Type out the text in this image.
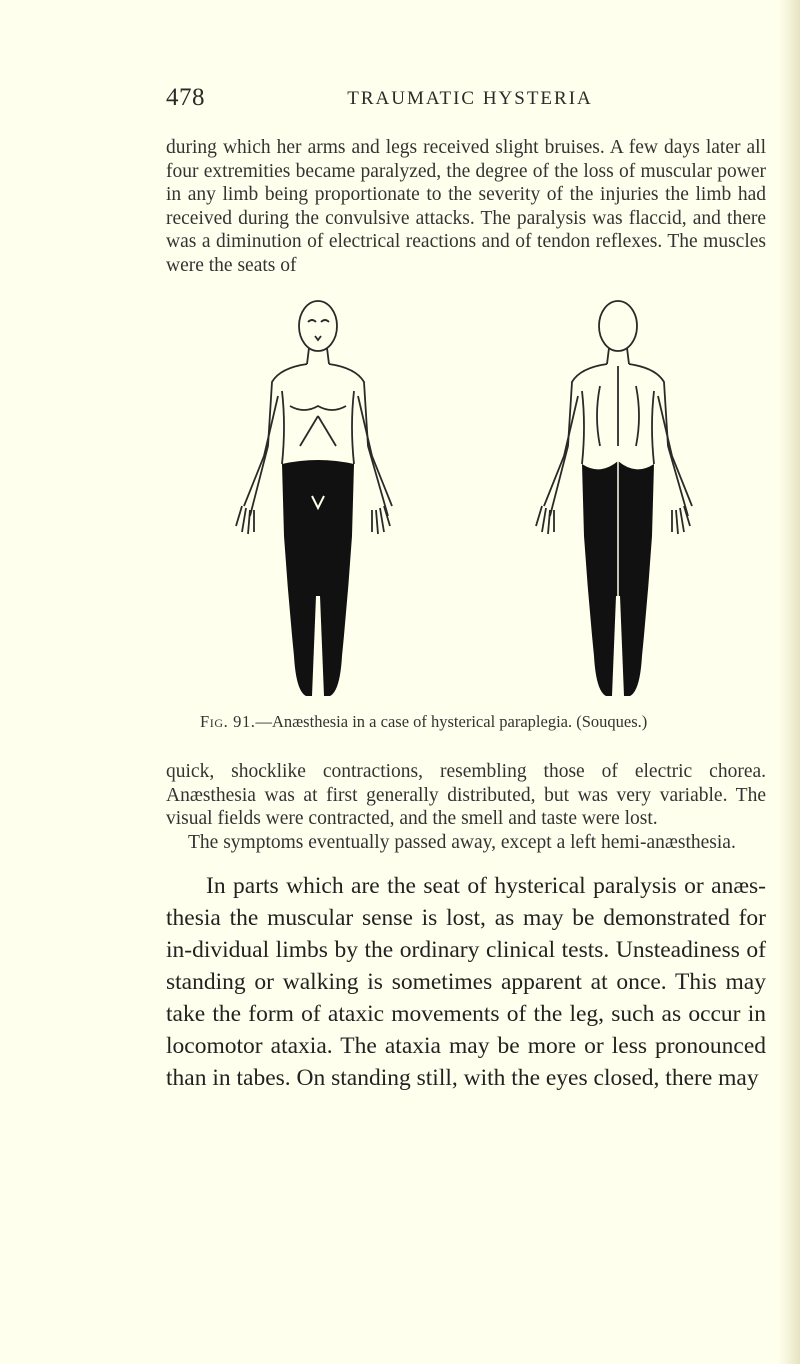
478	TRAUMATIC HYSTERIA

during which her arms and legs received slight bruises. A few days later all four extremities became paralyzed, the degree of the loss of muscular power in any limb being proportionate to the severity of the injuries the limb had received during the convulsive attacks. The paralysis was flaccid, and there was a diminution of electrical reactions and of tendon reflexes. The muscles were the seats of

Fig. 91.—Anæsthesia in a case of hysterical paraplegia. (Souques.)
quick, shocklike contractions, resembling those of electric chorea. Anæsthesia was at first generally distributed, but was very variable. The visual fields were contracted, and the smell and taste were lost.
The symptoms eventually passed away, except a left hemi-anæsthesia.

In parts which are the seat of hysterical paralysis or anæs-thesia the muscular sense is lost, as may be demonstrated for in-dividual limbs by the ordinary clinical tests. Unsteadiness of standing or walking is sometimes apparent at once. This may take the form of ataxic movements of the leg, such as occur in locomotor ataxia. The ataxia may be more or less pronounced than in tabes. On standing still, with the eyes closed, there may
